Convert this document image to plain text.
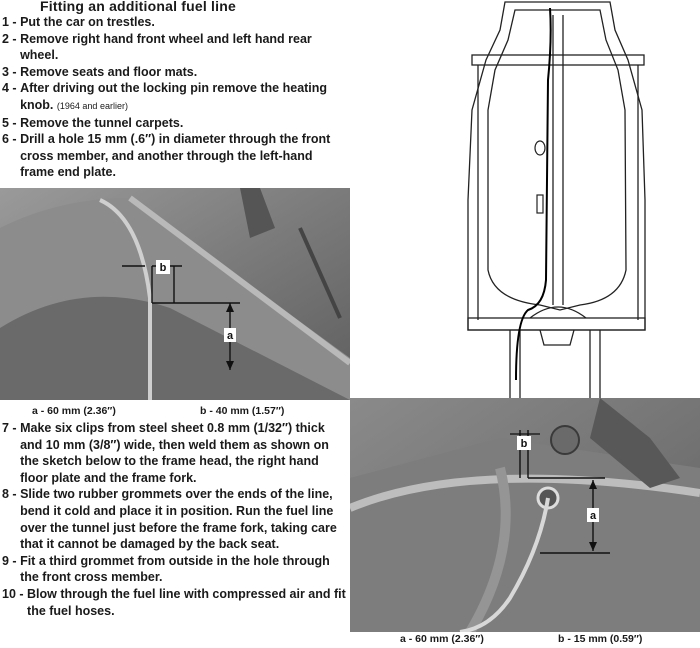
Fitting an additional fuel line
1 -
Put the car on trestles.
2 -
Remove right hand front wheel and left hand rear wheel.
3 -
Remove seats and floor mats.
4 -
After driving out the locking pin remove the heating knob. (1964 and earlier)
5 -
Remove the tunnel carpets.
6 -
Drill a hole 15 mm (.6″) in diameter through the front cross member, and another through the left-hand frame end plate.
b
a
a - 60 mm (2.36″)	b - 40 mm (1.57″)
7 -
Make six clips from steel sheet 0.8 mm (1/32″) thick and 10 mm (3/8″) wide, then weld them as shown on the sketch below to the frame head, the right hand floor plate and the frame fork.
8 -
Slide two rubber grommets over the ends of the line, bend it cold and place it in position. Run the fuel line over the tunnel just before the frame fork, taking care that it cannot be damaged by the back seat.
9 -
Fit a third grommet from outside in the hole through the front cross member.
10 -
Blow through the fuel line with compressed air and fit the fuel hoses.
b
a
a - 60 mm (2.36″)	b - 15 mm (0.59″)
